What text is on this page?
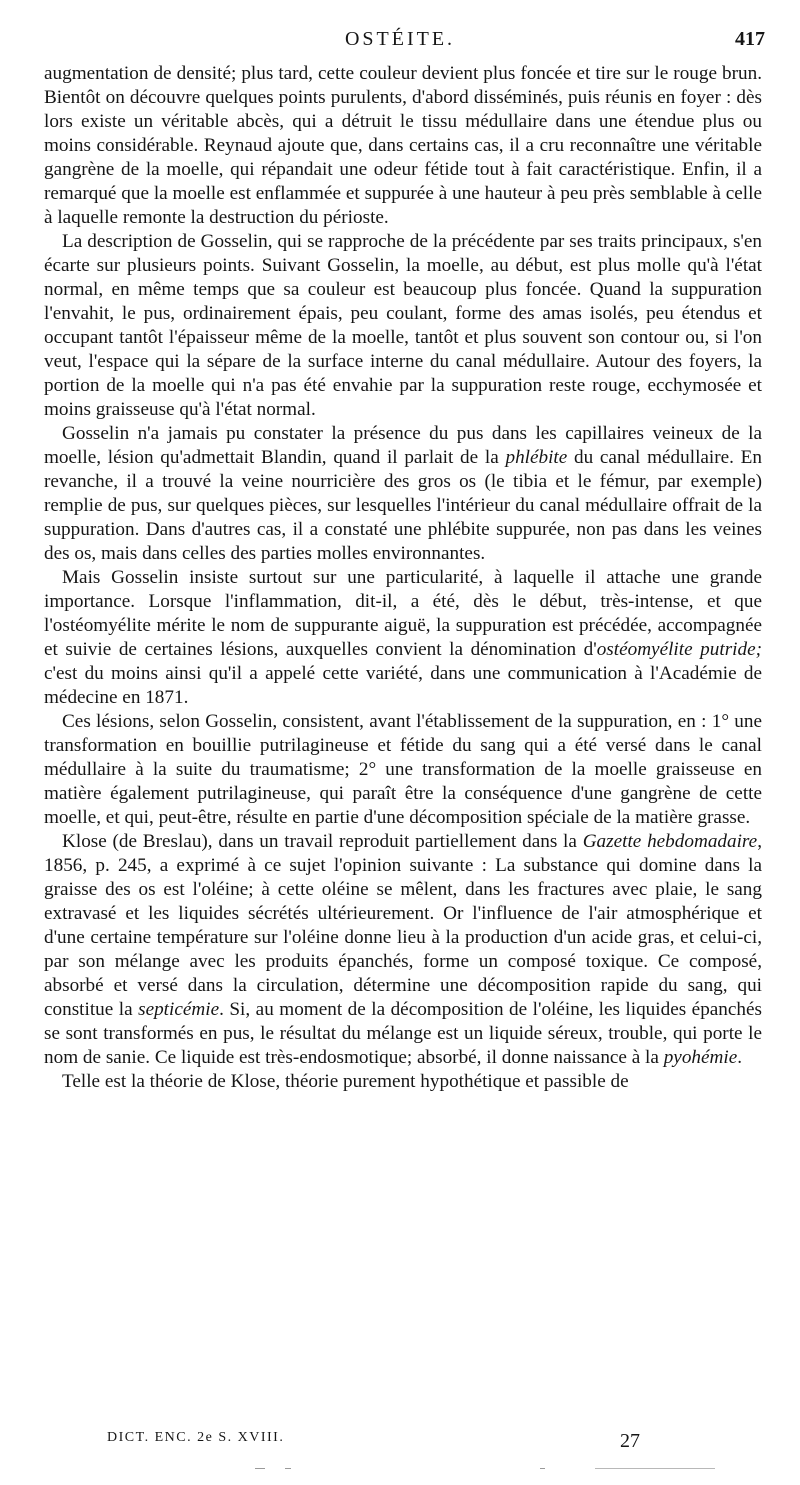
OSTÉITE.	417

augmentation de densité; plus tard, cette couleur devient plus foncée et tire sur le rouge brun. Bientôt on découvre quelques points purulents, d'abord disséminés, puis réunis en foyer : dès lors existe un véritable abcès, qui a détruit le tissu médullaire dans une étendue plus ou moins considérable. Reynaud ajoute que, dans certains cas, il a cru reconnaître une véritable gangrène de la moelle, qui répandait une odeur fétide tout à fait caractéristique. Enfin, il a remarqué que la moelle est enflammée et suppurée à une hauteur à peu près semblable à celle à laquelle remonte la destruction du périoste.

La description de Gosselin, qui se rapproche de la précédente par ses traits principaux, s'en écarte sur plusieurs points. Suivant Gosselin, la moelle, au début, est plus molle qu'à l'état normal, en même temps que sa couleur est beaucoup plus foncée. Quand la suppuration l'envahit, le pus, ordinairement épais, peu coulant, forme des amas isolés, peu étendus et occupant tantôt l'épaisseur même de la moelle, tantôt et plus souvent son contour ou, si l'on veut, l'espace qui la sépare de la surface interne du canal médullaire. Autour des foyers, la portion de la moelle qui n'a pas été envahie par la suppuration reste rouge, ecchymosée et moins graisseuse qu'à l'état normal.

Gosselin n'a jamais pu constater la présence du pus dans les capillaires veineux de la moelle, lésion qu'admettait Blandin, quand il parlait de la phlébite du canal médullaire. En revanche, il a trouvé la veine nourricière des gros os (le tibia et le fémur, par exemple) remplie de pus, sur quelques pièces, sur lesquelles l'intérieur du canal médullaire offrait de la suppuration. Dans d'autres cas, il a constaté une phlébite suppurée, non pas dans les veines des os, mais dans celles des parties molles environnantes.

Mais Gosselin insiste surtout sur une particularité, à laquelle il attache une grande importance. Lorsque l'inflammation, dit-il, a été, dès le début, très-intense, et que l'ostéomyélite mérite le nom de suppurante aiguë, la suppuration est précédée, accompagnée et suivie de certaines lésions, auxquelles convient la dénomination d'ostéomyélite putride; c'est du moins ainsi qu'il a appelé cette variété, dans une communication à l'Académie de médecine en 1871.

Ces lésions, selon Gosselin, consistent, avant l'établissement de la suppuration, en : 1° une transformation en bouillie putrilagineuse et fétide du sang qui a été versé dans le canal médullaire à la suite du traumatisme; 2° une transformation de la moelle graisseuse en matière également putrilagineuse, qui paraît être la conséquence d'une gangrène de cette moelle, et qui, peut-être, résulte en partie d'une décomposition spéciale de la matière grasse.

Klose (de Breslau), dans un travail reproduit partiellement dans la Gazette hebdomadaire, 1856, p. 245, a exprimé à ce sujet l'opinion suivante : La substance qui domine dans la graisse des os est l'oléine; à cette oléine se mêlent, dans les fractures avec plaie, le sang extravasé et les liquides sécrétés ultérieurement. Or l'influence de l'air atmosphérique et d'une certaine température sur l'oléine donne lieu à la production d'un acide gras, et celui-ci, par son mélange avec les produits épanchés, forme un composé toxique. Ce composé, absorbé et versé dans la circulation, détermine une décomposition rapide du sang, qui constitue la septicémie. Si, au moment de la décomposition de l'oléine, les liquides épanchés se sont transformés en pus, le résultat du mélange est un liquide séreux, trouble, qui porte le nom de sanie. Ce liquide est très-endosmotique; absorbé, il donne naissance à la pyohémie.

Telle est la théorie de Klose, théorie purement hypothétique et passible de

DICT. ENC. 2e S. XVIII.	27
